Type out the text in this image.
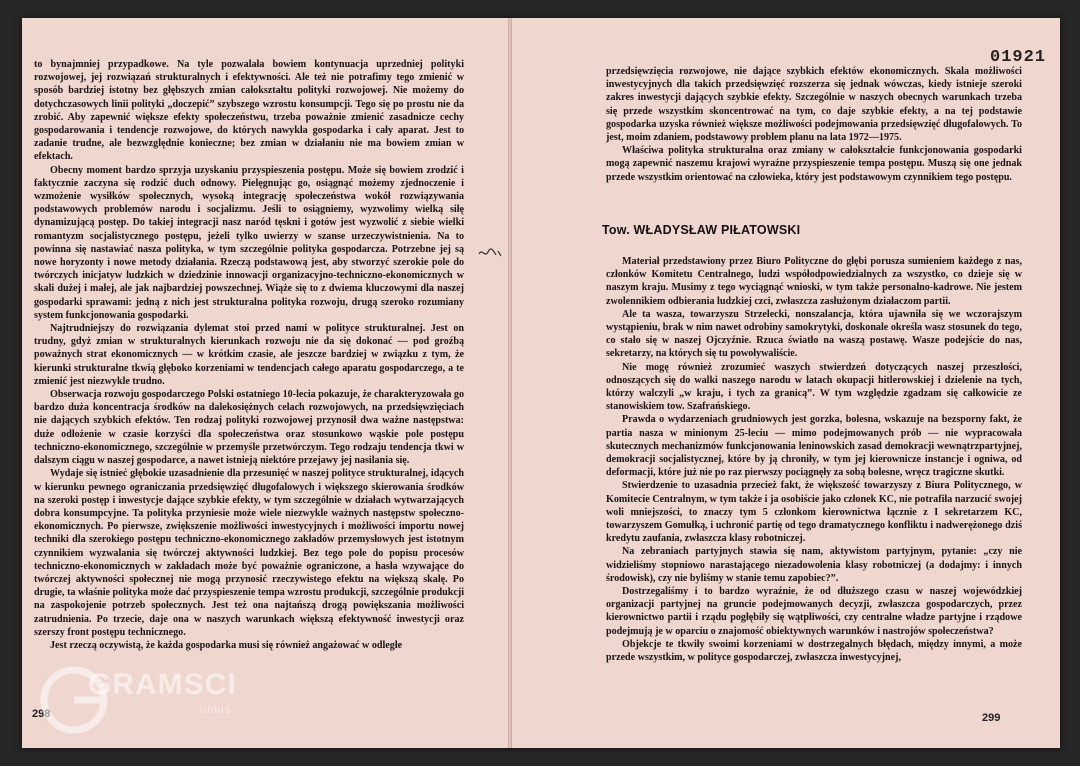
to bynajmniej przypadkowe. Na tyle pozwalała bowiem kontynuacja uprzedniej polityki rozwojowej, jej rozwiązań strukturalnych i efektywności. Ale też nie potrafimy tego zmienić w sposób bardziej istotny bez głębszych zmian całokształtu polityki rozwojowej. Nie możemy do dotychczasowych linii polityki „doczepić” szybszego wzrostu konsumpcji. Tego się po prostu nie da zrobić. Aby zapewnić większe efekty społeczeństwu, trzeba poważnie zmienić zasadnicze cechy gospodarowania i tendencje rozwojowe, do których nawykła gospodarka i cały aparat. Jest to zadanie trudne, ale bezwzględnie konieczne; bez zmian w działaniu nie ma bowiem zmian w efektach.

Obecny moment bardzo sprzyja uzyskaniu przyspieszenia postępu. Może się bowiem zrodzić i faktycznie zaczyna się rodzić duch odnowy. Pielęgnując go, osiągnąć możemy zjednoczenie i wzmożenie wysiłków społecznych, wysoką integrację społeczeństwa wokół rozwiązywania podstawowych problemów narodu i socjalizmu. Jeśli to osiągniemy, wyzwolimy wielką siłę dynamizującą postęp. Do takiej integracji nasz naród tęskni i gotów jest wyzwolić z siebie wielki romantyzm socjalistycznego postępu, jeżeli tylko uwierzy w szanse urzeczywistnienia. Na to powinna się nastawiać nasza polityka, w tym szczególnie polityka gospodarcza. Potrzebne jej są nowe horyzonty i nowe metody działania. Rzeczą podstawową jest, aby stworzyć szerokie pole do twórczych inicjatyw ludzkich w dziedzinie innowacji organizacyjno-techniczno-ekonomicznych w skali dużej i małej, ale jak najbardziej powszechnej. Wiąże się to z dwiema kluczowymi dla naszej gospodarki sprawami: jedną z nich jest strukturalna polityka rozwoju, drugą szeroko rozumiany system funkcjonowania gospodarki.

Najtrudniejszy do rozwiązania dylemat stoi przed nami w polityce strukturalnej. Jest on trudny, gdyż zmian w strukturalnych kierunkach rozwoju nie da się dokonać — pod groźbą poważnych strat ekonomicznych — w krótkim czasie, ale jeszcze bardziej w związku z tym, że kierunki strukturalne tkwią głęboko korzeniami w tendencjach całego aparatu gospodarczego, a te zmienić jest niezwykle trudno.

Obserwacja rozwoju gospodarczego Polski ostatniego 10-lecia pokazuje, że charakteryzowała go bardzo duża koncentracja środków na dalekosiężnych celach rozwojowych, na przedsięwzięciach nie dających szybkich efektów. Ten rodzaj polityki rozwojowej przynosił dwa ważne następstwa: duże odłożenie w czasie korzyści dla społeczeństwa oraz stosunkowo wąskie pole postępu techniczno-ekonomicznego, szczególnie w przemyśle przetwórczym. Tego rodzaju tendencja tkwi w dalszym ciągu w naszej gospodarce, a nawet istnieją niektóre przejawy jej nasilania się.

Wydaje się istnieć głębokie uzasadnienie dla przesunięć w naszej polityce strukturalnej, idących w kierunku pewnego ograniczania przedsięwzięć długofalowych i większego skierowania środków na szeroki postęp i inwestycje dające szybkie efekty, w tym szczególnie w działach wytwarzających dobra konsumpcyjne. Ta polityka przyniesie może wiele niezwykle ważnych następstw społeczno-ekonomicznych. Po pierwsze, zwiększenie możliwości inwestycyjnych i możliwości importu nowej techniki dla szerokiego postępu techniczno-ekonomicznego zakładów przemysłowych jest istotnym czynnikiem wyzwalania się twórczej aktywności ludzkiej. Bez tego pole do popisu procesów techniczno-ekonomicznych w zakładach może być poważnie ograniczone, a hasła wzywające do twórczej aktywności społecznej nie mogą przynosić rzeczywistego efektu na większą skalę. Po drugie, ta właśnie polityka może dać przyspieszenie tempa wzrostu produkcji, szczególnie produkcji na zaspokojenie potrzeb społecznych. Jest też ona najtańszą drogą powiększania możliwości zatrudnienia. Po trzecie, daje ona w naszych warunkach większą efektywność inwestycji oraz szerszy front postępu technicznego.

Jest rzeczą oczywistą, że każda gospodarka musi się również angażować w odległe

298
01921

przedsięwzięcia rozwojowe, nie dające szybkich efektów ekonomicznych. Skala możliwości inwestycyjnych dla takich przedsięwzięć rozszerza się jednak wówczas, kiedy istnieje szeroki zakres inwestycji dających szybkie efekty. Szczególnie w naszych obecnych warunkach trzeba się przede wszystkim skoncentrować na tym, co daje szybkie efekty, a na tej podstawie gospodarka uzyska również większe możliwości podejmowania przedsięwzięć długofalowych. To jest, moim zdaniem, podstawowy problem planu na lata 1972—1975.

Właściwa polityka strukturalna oraz zmiany w całokształcie funkcjonowania gospodarki mogą zapewnić naszemu krajowi wyraźne przyspieszenie tempa postępu. Muszą się one jednak przede wszystkim orientować na człowieka, który jest podstawowym czynnikiem tego postępu.

Tow. WŁADYSŁAW PIŁATOWSKI

Materiał przedstawiony przez Biuro Polityczne do głębi porusza sumieniem każdego z nas, członków Komitetu Centralnego, ludzi współodpowiedzialnych za wszystko, co dzieje się w naszym kraju. Musimy z tego wyciągnąć wnioski, w tym także personalno-kadrowe. Nie jestem zwolennikiem odbierania ludzkiej czci, zwłaszcza zasłużonym działaczom partii.

Ale ta wasza, towarzyszu Strzelecki, nonszalancja, która ujawniła się we wczorajszym wystąpieniu, brak w nim nawet odrobiny samokrytyki, doskonale określa wasz stosunek do tego, co stało się w naszej Ojczyźnie. Rzuca światło na waszą postawę. Wasze podejście do nas, sekretarzy, na których się tu powoływaliście.

Nie mogę również zrozumieć waszych stwierdzeń dotyczących naszej przeszłości, odnoszących się do walki naszego narodu w latach okupacji hitlerowskiej i dzielenie na tych, którzy walczyli „w kraju, i tych za granicą”. W tym względzie zgadzam się całkowicie ze stanowiskiem tow. Szafrańskiego.

Prawda o wydarzeniach grudniowych jest gorzka, bolesna, wskazuje na bezsporny fakt, że partia nasza w minionym 25-leciu — mimo podejmowanych prób — nie wypracowała skutecznych mechanizmów funkcjonowania leninowskich zasad demokracji wewnątrzpartyjnej, demokracji socjalistycznej, które by ją chroniły, w tym jej kierownicze instancje i ogniwa, od deformacji, które już nie po raz pierwszy pociągnęły za sobą bolesne, wręcz tragiczne skutki.

Stwierdzenie to uzasadnia przecież fakt, że większość towarzyszy z Biura Politycznego, w Komitecie Centralnym, w tym także i ja osobiście jako członek KC, nie potrafiła narzucić swojej woli mniejszości, to znaczy tym 5 członkom kierownictwa łącznie z I sekretarzem KC, towarzyszem Gomułką, i uchronić partię od tego dramatycznego konfliktu i nadwerężonego dziś kredytu zaufania, zwłaszcza klasy robotniczej.

Na zebraniach partyjnych stawia się nam, aktywistom partyjnym, pytanie: „czy nie widzieliśmy stopniowo narastającego niezadowolenia klasy robotniczej (a dodajmy: i innych środowisk), czy nie byliśmy w stanie temu zapobiec?”.

Dostrzegaliśmy i to bardzo wyraźnie, że od dłuższego czasu w naszej wojewódzkiej organizacji partyjnej na gruncie podejmowanych decyzji, zwłaszcza gospodarczych, przez kierownictwo partii i rządu pogłębiły się wątpliwości, czy centralne władze partyjne i rządowe podejmują je w oparciu o znajomość obiektywnych warunków i nastrojów społeczeństwa?

Objekcje te tkwiły swoimi korzeniami w dostrzegalnych błędach, między innymi, a może przede wszystkim, w polityce gospodarczej, zwłaszcza inwestycyjnej,

299
GRAMSCI
onlus
